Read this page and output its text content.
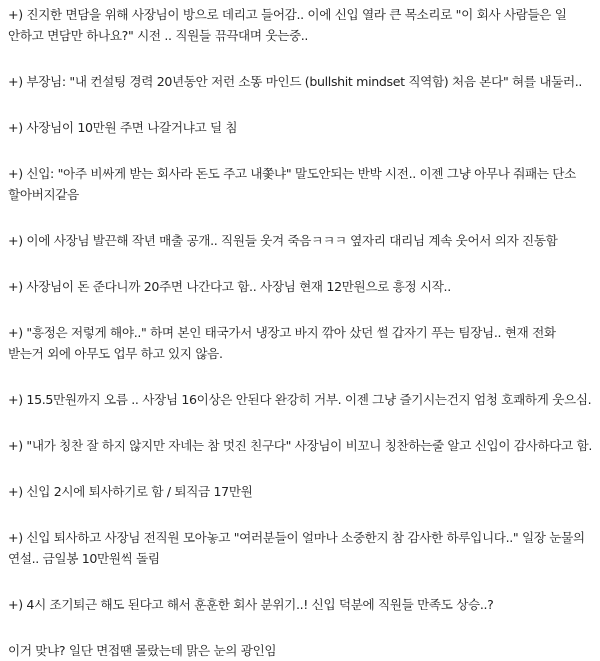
+) 진지한 면담을 위해 사장님이 방으로 데리고 들어감.. 이에 신입 열라 큰 목소리로 "이 회사 사람들은 일 안하고 면담만 하나요?" 시전 .. 직원들 끆끅대며 웃는중..

+) 부장님: "내 컨설팅 경력 20년동안 저런 소똥 마인드 (bullshit mindset 직역함) 처음 본다" 혀를 내둘러..

+) 사장님이 10만원 주면 나갈거냐고 딜 침

+) 신입: "아주 비싸게 받는 회사라 돈도 주고 내쫓냐" 말도안되는 반박 시전.. 이젠 그냥 아무나 줘패는 단소 할아버지같음

+) 이에 사장님 발끈해 작년 매출 공개.. 직원들 웃겨 죽음ㅋㅋㅋ 옆자리 대리님 계속 웃어서 의자 진동함

+) 사장님이 돈 준다니까 20주면 나간다고 함.. 사장님 현재 12만원으로 흥정 시작..

+) "흥정은 저렇게 해야.." 하며 본인 태국가서 냉장고 바지 깎아 샀던 썰 갑자기 푸는 팀장님.. 현재 전화 받는거 외에 아무도 업무 하고 있지 않음.

+) 15.5만원까지 오름 .. 사장님 16이상은 안된다 완강히 거부. 이젠 그냥 즐기시는건지 엄청 호쾌하게 웃으심.

+) "내가 칭찬 잘 하지 않지만 자네는 참 멋진 친구다" 사장님이 비꼬니 칭찬하는줄 알고 신입이 감사하다고 함.

+) 신입 2시에 퇴사하기로 함 / 퇴직금 17만원

+) 신입 퇴사하고 사장님 전직원 모아놓고 "여러분들이 얼마나 소중한지 참 감사한 하루입니다.." 일장 눈물의 연설.. 금일봉 10만원씩 돌림

+) 4시 조기퇴근 해도 된다고 해서 훈훈한 회사 분위기..! 신입 덕분에 직원들 만족도 상승..?

이거 맞냐? 일단 면접땐 몰랐는데 맑은 눈의 광인임
